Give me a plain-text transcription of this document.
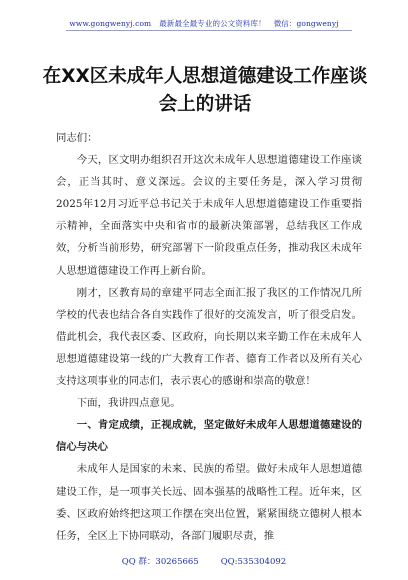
www.gongwenyj.com 最新最全最专业的公文资料库！ 微信：gongwenyj
在XX区未成年人思想道德建设工作座谈会上的讲话

同志们：

今天，区文明办组织召开这次未成年人思想道德建设工作座谈会，正当其时、意义深远。会议的主要任务是，深入学习贯彻2025年12月习近平总书记关于未成年人思想道德建设工作重要指示精神，全面落实中央和省市的最新决策部署，总结我区工作成效，分析当前形势，研究部署下一阶段重点任务，推动我区未成年人思想道德建设工作再上新台阶。

刚才，区教育局的章建平同志全面汇报了我区的工作情况几所学校的代表也结合各自实践作了很好的交流发言，听了很受启发。借此机会，我代表区委、区政府，向长期以来辛勤工作在未成年人思想道德建设第一线的广大教育工作者、德育工作者以及所有关心支持这项事业的同志们，表示衷心的感谢和崇高的敬意！

下面，我讲四点意见。

一、肯定成绩，正视成就，坚定做好未成年人思想道德建设的信心与决心

未成年人是国家的未来、民族的希望。做好未成年人思想道德建设工作，是一项事关长远、固本强基的战略性工程。近年来，区委、区政府始终把这项工作摆在突出位置，紧紧围绕立德树人根本任务，全区上下协同联动，各部门履职尽责，推

QQ 群：30265665	QQ:535304092
